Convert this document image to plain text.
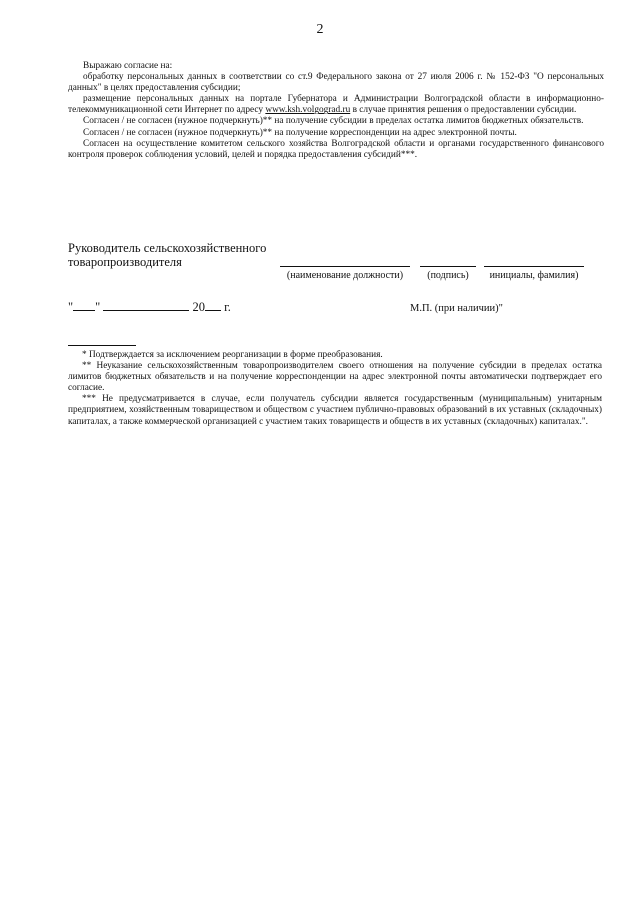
2

Выражаю согласие на:

обработку персональных данных в соответствии со ст.9 Федерального закона от 27 июля 2006 г. № 152-ФЗ "О персональных данных" в целях предоставления субсидии;

размещение персональных данных на портале Губернатора и Администрации Волгоградской области в информационно-телекоммуникационной сети Интернет по адресу www.ksh.volgograd.ru в случае принятия решения о предоставлении субсидии.

Согласен / не согласен (нужное подчеркнуть)** на получение субсидии в пределах остатка лимитов бюджетных обязательств.

Согласен / не согласен (нужное подчеркнуть)** на получение корреспонденции на адрес электронной почты.

Согласен на осуществление комитетом сельского хозяйства Волгоградской области и органами государственного финансового контроля проверок соблюдения условий, целей и порядка предоставления субсидий***.

Руководитель сельскохозяйственного
товаропроизводителя
(наименование должности)	(подпись)	инициалы, фамилия)
" "	20 г.	М.П. (при наличии)"

* Подтверждается за исключением реорганизации в форме преобразования.

** Неуказание сельскохозяйственным товаропроизводителем своего отношения на получение субсидии в пределах остатка лимитов бюджетных обязательств и на получение корреспонденции на адрес электронной почты автоматически подтверждает его согласие.

*** Не предусматривается в случае, если получатель субсидии является государственным (муниципальным) унитарным предприятием, хозяйственным товариществом и обществом с участием публично-правовых образований в их уставных (складочных) капиталах, а также коммерческой организацией с участием таких товариществ и обществ в их уставных (складочных) капиталах.".
